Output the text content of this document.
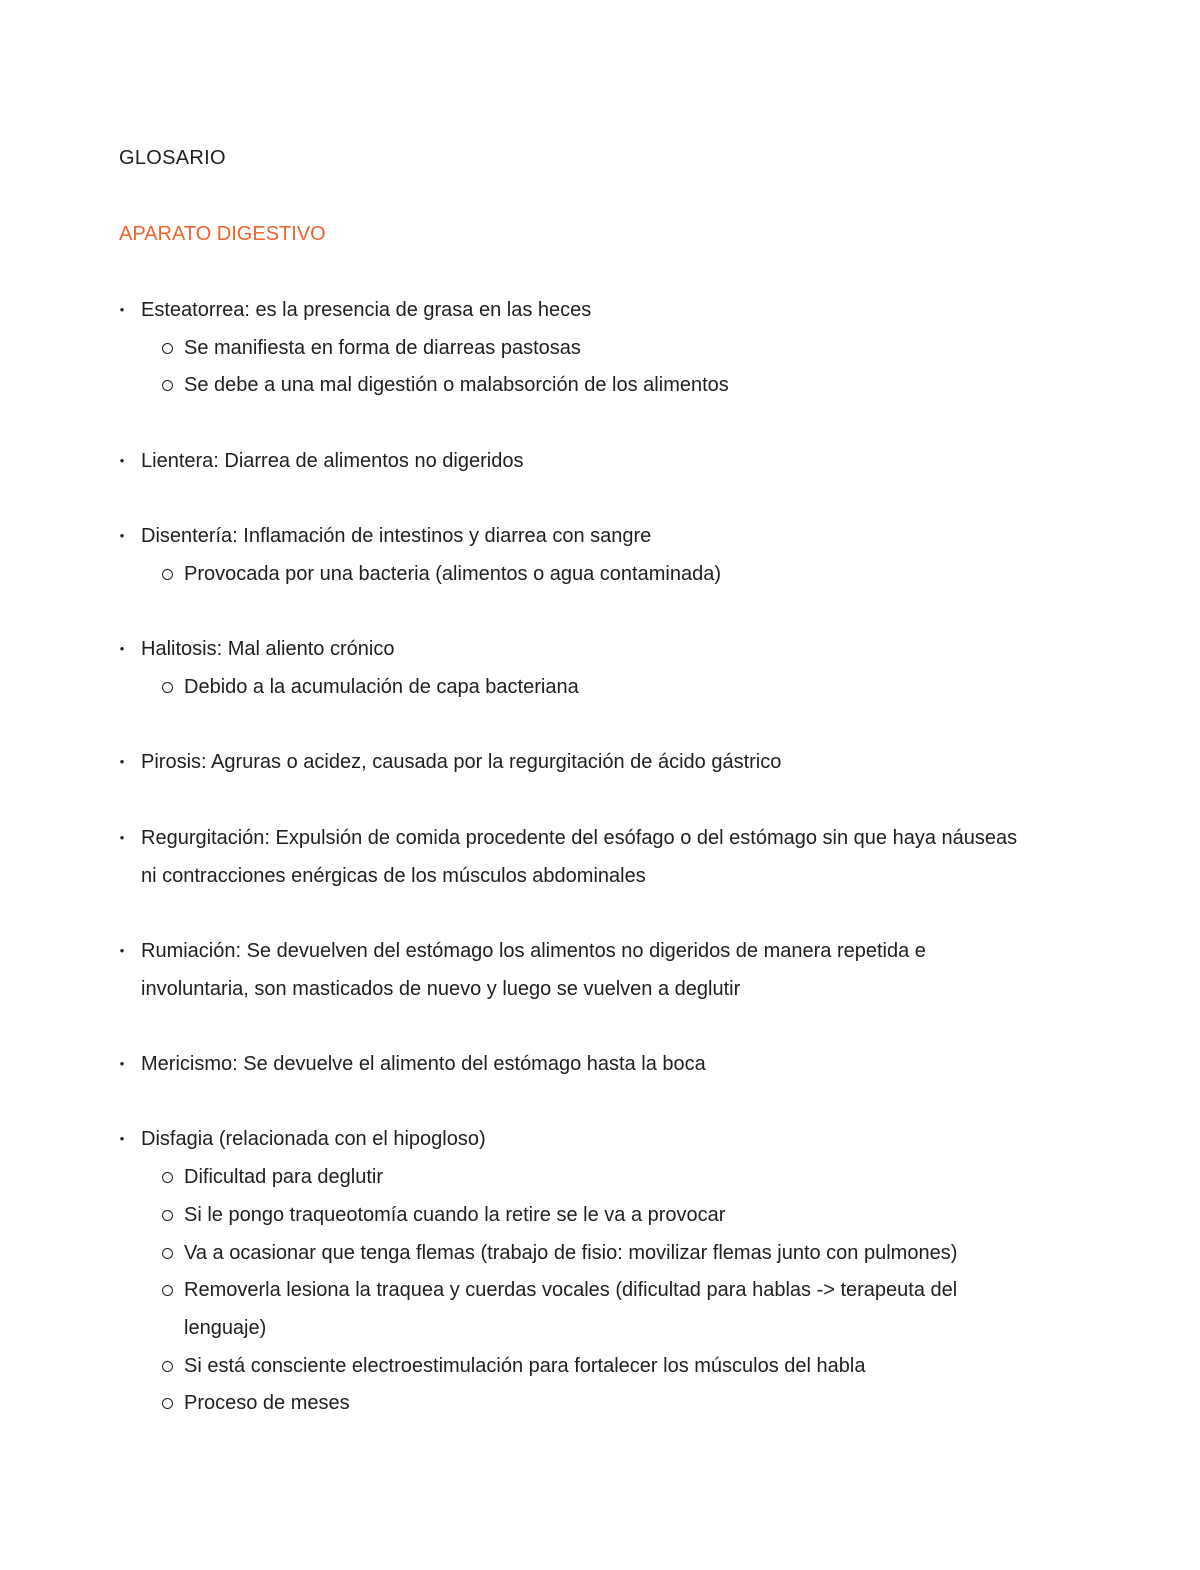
GLOSARIO
APARATO DIGESTIVO
• Esteatorrea: es la presencia de grasa en las heces
Se manifiesta en forma de diarreas pastosas
Se debe a una mal digestión o malabsorción de los alimentos
• Lientera: Diarrea de alimentos no digeridos
• Disentería: Inflamación de intestinos y diarrea con sangre
Provocada por una bacteria (alimentos o agua contaminada)
• Halitosis: Mal aliento crónico
Debido a la acumulación de capa bacteriana
• Pirosis: Agruras o acidez, causada por la regurgitación de ácido gástrico
• Regurgitación: Expulsión de comida procedente del esófago o del estómago sin que haya náuseas
ni contracciones enérgicas de los músculos abdominales
• Rumiación: Se devuelven del estómago los alimentos no digeridos de manera repetida e
involuntaria, son masticados de nuevo y luego se vuelven a deglutir
• Mericismo: Se devuelve el alimento del estómago hasta la boca
• Disfagia (relacionada con el hipogloso)
Dificultad para deglutir
Si le pongo traqueotomía cuando la retire se le va a provocar
Va a ocasionar que tenga flemas (trabajo de fisio: movilizar flemas junto con pulmones)
Removerla lesiona la traquea y cuerdas vocales (dificultad para hablas -> terapeuta del
lenguaje)
Si está consciente electroestimulación para fortalecer los músculos del habla
Proceso de meses
